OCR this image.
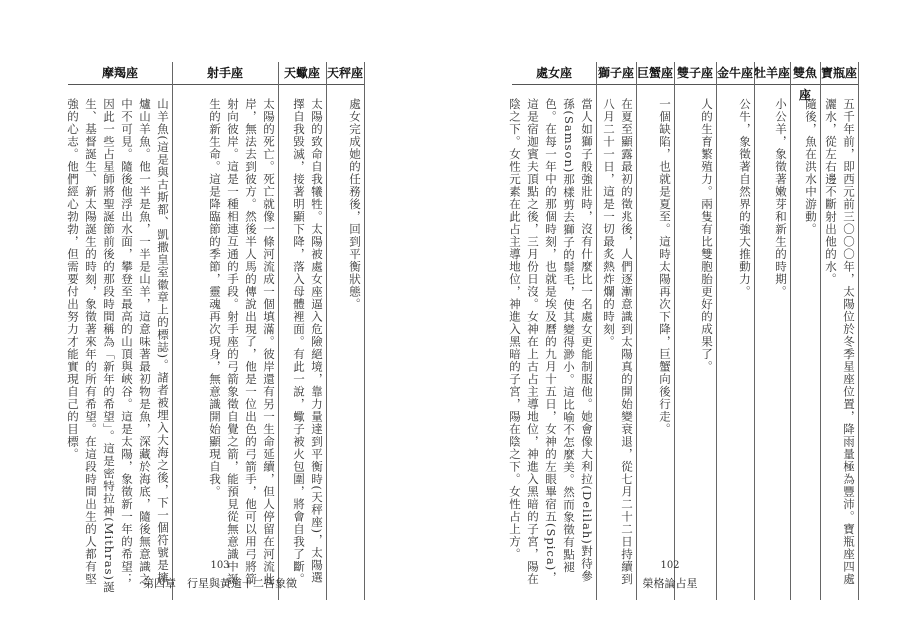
摩羯座
山羊魚(這是與古斯都、凱撒皇室徽章上的標誌)。諸者被埋入大海之後，下一個符號是擁爐山羊魚。他一半是魚，一半是山羊，這意味著最初物是魚，深藏於海底，隨後無意識之中不可見。隨後他浮出水面，攀登至最高的山頂與峽谷。這是太陽，象徵新一年的希望；因此一些占星師將聖誕節前後的那段時間稱為「新年的希望」。這是密特拉神(Mithras)誕生、基督誕生、新太陽誕生的時刻，象徵著來年的所有希望。在這段時間出生的人都有堅強的心志。他們經心勃勃，但需要付出努力才能實現自己的目標。
射手座
太陽的死亡。死亡就像一條河流成一個填滿。彼岸還有另一生命延續，但人停留在河流此岸，無法去到彼方。然後半人馬的傳說出現了，他是一位出色的弓箭手，他可以用弓將箭射向彼岸。這是一種相連互通的手段。射手座的弓箭象徵自覺之箭，能預見從無意識中誕生的新生命。這是降臨節的季節，靈魂再次現身，無意識開始顯現自我。
天蠍座
太陽的致命自我犧牲。太陽被處女座逼入危險絕境，靠力量達到平衡時(天秤座)，太陽選擇自我毀滅，接著明顯下降，落入母體裡面。有此一說，蠍子被火包圍，將會自我了斷。
天秤座
處女完成她的任務後，回到平衡狀態。
103
第四章　行星與黃道十二宮象徵
處女座
當人如獅子般強壯時，沒有什麼比一名處女更能制服他。她會像大利拉(Delilah)對待參孫(Samson)那樣剪去獅子的鬃毛，使其變得渺小。這比喻不怎麼美。然而象徵有點褪色。在每一年中的那個時刻，也就是埃及曆的九月十五日，女神的左眼畢宿五(Spica)，這是宿迦賓夫頂點之後，三月份日沒。女神在上古占主導地位，神進入黑暗的子宮，陽在陰之下。女性元素在此占主導地位，神進入黑暗的子宮，陽在陰之下。女性占上方。
獅子座
在夏至顯露最初的徵兆後，人們逐漸意識到太陽真的開始變衰退，從七月二十二日持續到八月二十一日，這是一切最炙熱炸爛的時刻。
巨蟹座
一個缺陷，也就是夏至。這時太陽再次下降，巨蟹向後行走。
雙子座
人的生育繁殖力。兩隻有比雙胞胎更好的成果了。
金牛座
公牛，象徵著自然界的強大推動力。
牡羊座
小公羊，象徵著嫩芽和新生的時期。
雙魚座
隨後，魚在洪水中游動。
寶瓶座
五千年前，即西元前三〇〇〇年，太陽位於冬季星座位置，降雨量極為豐沛。寶瓶座四處灑水，從左右邊不斷射出他的水。
102
榮格論占星
